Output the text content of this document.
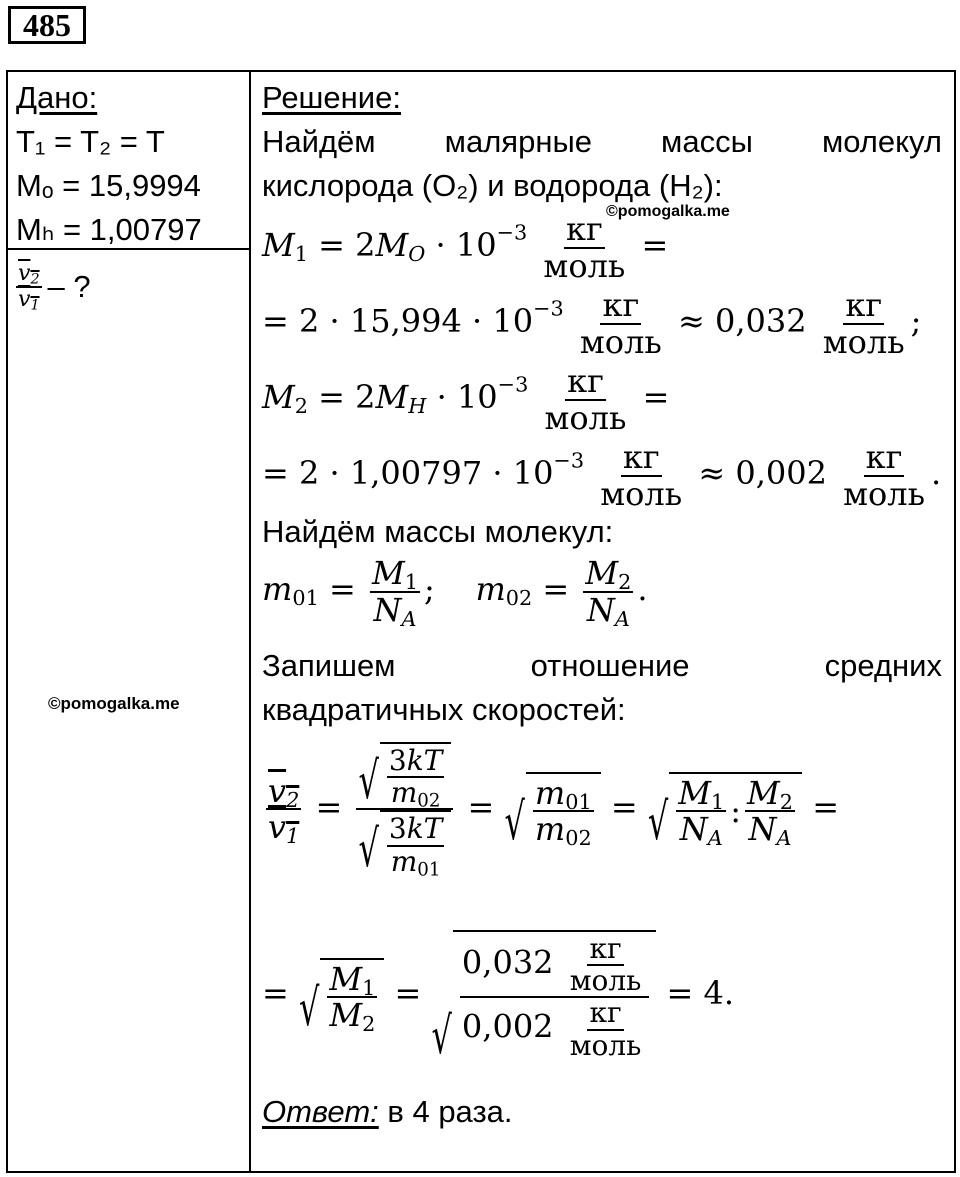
485
Дано:
T₁ = T₂ = T
Mₒ = 15,9994
Mₕ = 1,00797
$\frac{v_2}{v_1}$ – ?
©pomogalka.me
©pomogalka.me
Решение:
Найдём малярные массы молекул
кислорода (O₂) и водорода (H₂):
$M_1 = 2M_O \cdot 10^{-3} \frac{кг}{\text{моль}}$ =
= $2 \cdot 15,994 \cdot 10^{-3} \frac{кг}{\text{моль}} \approx 0,032 \frac{кг}{\text{моль}}$ ;
$M_2 = 2M_H \cdot 10^{-3} \frac{кг}{\text{моль}}$ =
= $2 \cdot 1,00797 \cdot 10^{-3} \frac{кг}{\text{моль}} \approx 0,002 \frac{кг}{\text{моль}}$ .
Найдём массы молекул:
$m_{01} = \frac{M_1}{N_A}$ ;    $m_{02} = \frac{M_2}{N_A}$ .
Запишем	отношение	средних
квадратичных скоростей:
$\frac{v_2}{v_1} = \frac{√ \frac{3kT}{m_{02}}}{√ \frac{3kT}{m_{01}}}$ = √ $\frac{m_{01}}{m_{02}}$ = √ $\frac{M_1}{N_A}$ : $\frac{M_2}{N_A}$ =
= √ $\frac{M_1}{M_2}$ =
√ $\frac{0,032 \frac{кг}{\text{моль}}}{0,002 \frac{кг}{\text{моль}}} = 4$.
Ответ: в 4 раза.
